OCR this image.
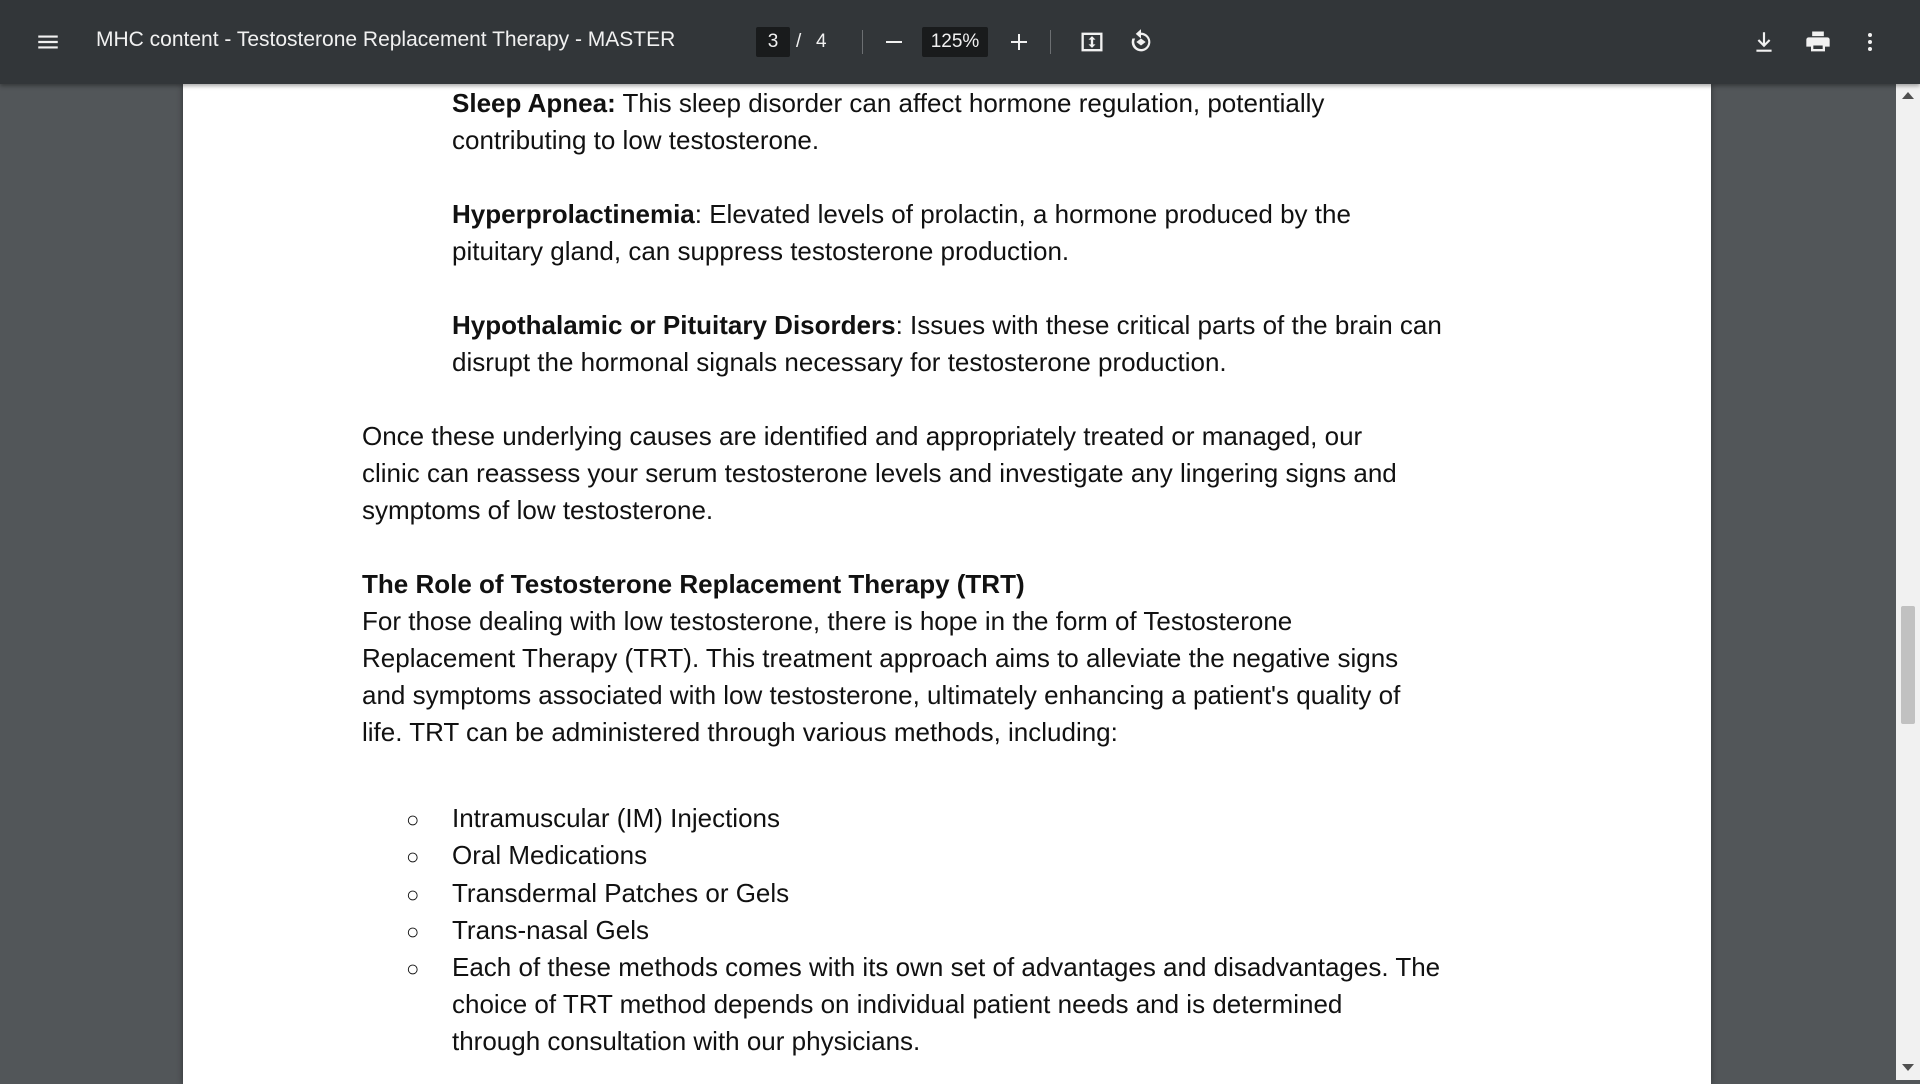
MHC content - Testosterone Replacement Therapy - MASTER	3 / 4	125%
Sleep Apnea: This sleep disorder can affect hormone regulation, potentially
contributing to low testosterone.
Hyperprolactinemia: Elevated levels of prolactin, a hormone produced by the
pituitary gland, can suppress testosterone production.
Hypothalamic or Pituitary Disorders: Issues with these critical parts of the brain can
disrupt the hormonal signals necessary for testosterone production.
Once these underlying causes are identified and appropriately treated or managed, our
clinic can reassess your serum testosterone levels and investigate any lingering signs and
symptoms of low testosterone.
The Role of Testosterone Replacement Therapy (TRT)
For those dealing with low testosterone, there is hope in the form of Testosterone
Replacement Therapy (TRT). This treatment approach aims to alleviate the negative signs
and symptoms associated with low testosterone, ultimately enhancing a patient's quality of
life. TRT can be administered through various methods, including:
○ Intramuscular (IM) Injections
○ Oral Medications
○ Transdermal Patches or Gels
○ Trans-nasal Gels
○ Each of these methods comes with its own set of advantages and disadvantages. The
choice of TRT method depends on individual patient needs and is determined
through consultation with our physicians.
